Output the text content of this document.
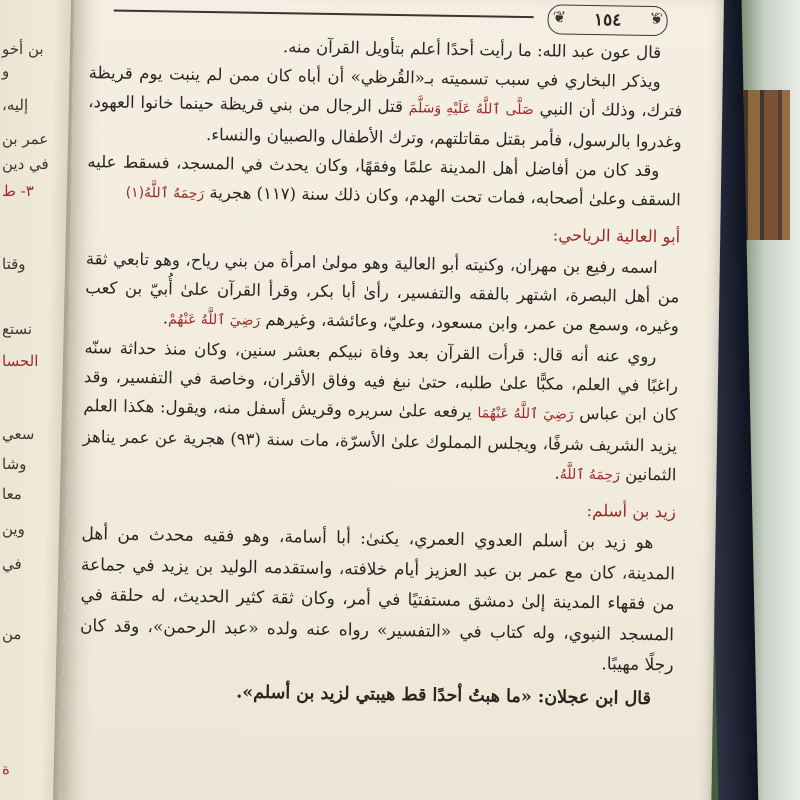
بن أخو
و
إليه،
عمر بن
في دين
٣- ط
وقتا
نستع
الحسا
سعي
وشا
معا
وين
في
من
ة
❦ ١٥٤
❦

قال عون عبد الله: ما رأيت أحدًا أعلم بتأويل القرآن منه.

ويذكر البخاري في سبب تسميته بـ«القُرظي» أن أباه كان ممن لم ينبت يوم قريظة فترك، وذلك أن النبي صَلَّى ٱللَّهُ عَلَيْهِ وَسَلَّمَ قتل الرجال من بني قريظة حينما خانوا العهود، وغدروا بالرسول، فأمر بقتل مقاتلتهم، وترك الأطفال والصبيان والنساء.

وقد كان من أفاضل أهل المدينة علمًا وفقهًا، وكان يحدث في المسجد، فسقط عليه السقف وعلىٰ أصحابه، فمات تحت الهدم، وكان ذلك سنة (١١٧) هجرية رَحِمَهُ ٱللَّهُ(١)

أبو العالية الرياحي:

اسمه رفيع بن مهران، وكنيته أبو العالية وهو مولىٰ امرأة من بني رياح، وهو تابعي ثقة من أهل البصرة، اشتهر بالفقه والتفسير، رأىٰ أبا بكر، وقرأ القرآن علىٰ أُبيّ بن كعب وغيره، وسمع من عمر، وابن مسعود، وعليّ، وعائشة، وغيرهم رَضِيَ ٱللَّهُ عَنْهُمْ.

روي عنه أنه قال: قرأت القرآن بعد وفاة نبيكم بعشر سنين، وكان منذ حداثة سنّه راغبًا في العلم، مكبًّا علىٰ طلبه، حتىٰ نبغ فيه وفاق الأقران، وخاصة في التفسير، وقد كان ابن عباس رَضِيَ ٱللَّهُ عَنْهُمَا يرفعه علىٰ سريره وقريش أسفل منه، ويقول: هكذا العلم يزيد الشريف شرفًا، ويجلس المملوك علىٰ الأسرّة، مات سنة (٩٣) هجرية عن عمر يناهز الثمانين رَحِمَهُ ٱللَّهُ.

زيد بن أسلم:

هو زيد بن أسلم العدوي العمري، يكنىٰ: أبا أسامة، وهو فقيه محدث من أهل المدينة، كان مع عمر بن عبد العزيز أيام خلافته، واستقدمه الوليد بن يزيد في جماعة من فقهاء المدينة إلىٰ دمشق مستفتيًا في أمر، وكان ثقة كثير الحديث، له حلقة في المسجد النبوي، وله كتاب في «التفسير» رواه عنه ولده «عبد الرحمن»، وقد كان رجلًا مهيبًا.

قال ابن عجلان: «ما هبتُ أحدًا قط هيبتي لزيد بن أسلم».
